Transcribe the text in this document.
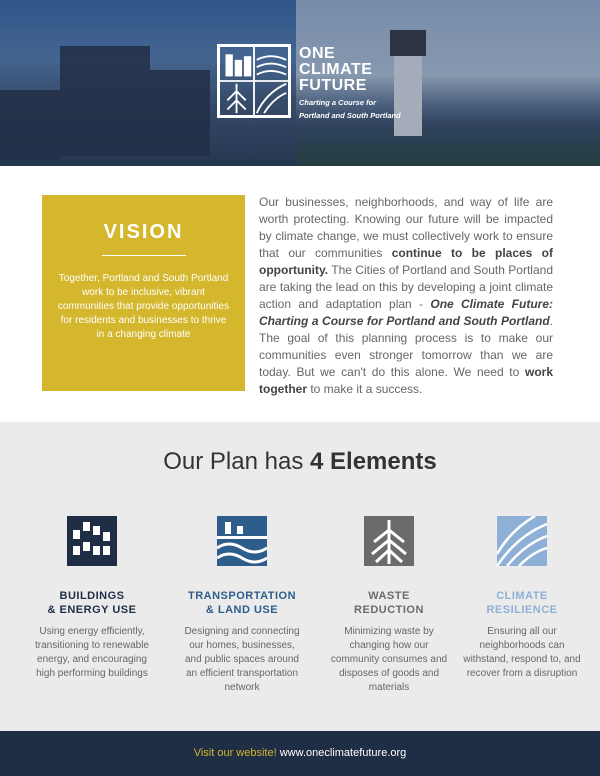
ONE
CLIMATE
FUTURE
Charting a Course for
Portland and South Portland
VISION
Together, Portland and South Portland work to be inclusive, vibrant communities that provide opportunities for residents and businesses to thrive in a changing climate
Our businesses, neighborhoods, and way of life are worth protecting. Knowing our future will be impacted by climate change, we must collectively work to ensure that our communities continue to be places of opportunity. The Cities of Portland and South Portland are taking the lead on this by developing a joint climate action and adaptation plan - One Climate Future: Charting a Course for Portland and South Portland. The goal of this planning process is to make our communities even stronger tomorrow than we are today. But we can't do this alone. We need to work together to make it a success.
Our Plan has 4 Elements
BUILDINGS
& ENERGY USE
Using energy efficiently, transitioning to renewable energy, and encouraging high performing buildings
TRANSPORTATION
& LAND USE
Designing and connecting our homes, businesses, and public spaces around an efficient transportation network
WASTE
REDUCTION
Minimizing waste by changing how our community consumes and disposes of goods and materials
CLIMATE
RESILIENCE
Ensuring all our neighborhoods can withstand, respond to, and recover from a disruption
Visit our website! www.oneclimatefuture.org
